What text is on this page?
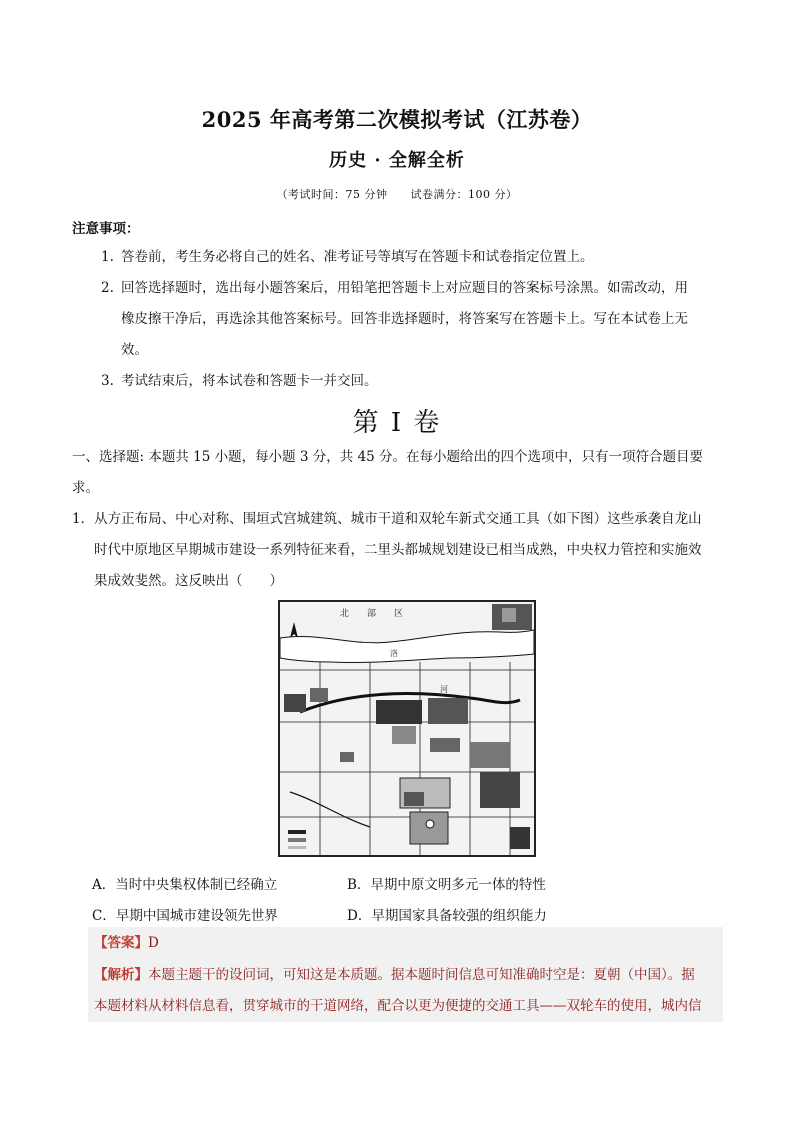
2025 年高考第二次模拟考试（江苏卷）
历史 · 全解全析
（考试时间：75 分钟　　试卷满分：100 分）
注意事项：
1. 答卷前，考生务必将自己的姓名、准考证号等填写在答题卡和试卷指定位置上。
2. 回答选择题时，选出每小题答案后，用铅笔把答题卡上对应题目的答案标号涂黑。如需改动，用
橡皮擦干净后，再选涂其他答案标号。回答非选择题时，将答案写在答题卡上。写在本试卷上无
效。
3. 考试结束后，将本试卷和答题卡一并交回。
第 I 卷
一、选择题: 本题共 15 小题，每小题 3 分，共 45 分。在每小题给出的四个选项中，只有一项符合题目要
求。
1．从方正布局、中心对称、围垣式宫城建筑、城市干道和双轮车新式交通工具（如下图）这些承袭自龙山
时代中原地区早期城市建设一系列特征来看，二里头都城规划建设已相当成熟，中央权力管控和实施效
果成效斐然。这反映出（　　）
北　　部　　区
洛
河
A．当时中央集权体制已经确立	B．早期中原文明多元一体的特性
C．早期中国城市建设领先世界	D．早期国家具备较强的组织能力
【答案】D
【解析】本题主题干的设问词，可知这是本质题。据本题时间信息可知准确时空是：夏朝（中国）。据
本题材料从材料信息看，贯穿城市的干道网络，配合以更为便捷的交通工具——双轮车的使用，城内信
